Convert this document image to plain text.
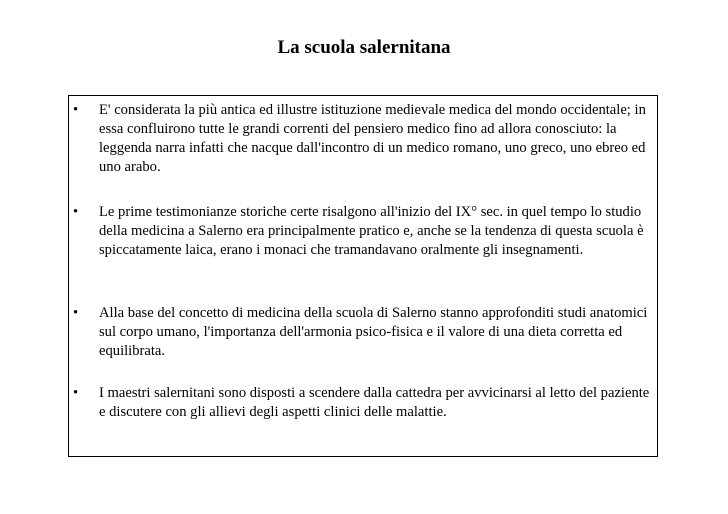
La scuola salernitana
•	E' considerata la più antica ed illustre istituzione medievale medica del mondo occidentale; in essa confluirono tutte le grandi correnti del pensiero medico fino ad allora conosciuto: la leggenda narra infatti che nacque dall'incontro di un medico romano, uno greco, uno ebreo ed uno arabo.
•	Le prime testimonianze storiche certe risalgono all'inizio del IX° sec. in quel tempo lo studio della medicina a Salerno era principalmente pratico e, anche se la tendenza di questa scuola è spiccatamente laica, erano i monaci che tramandavano oralmente gli insegnamenti.
•	Alla base del concetto di medicina della scuola di Salerno stanno approfonditi studi anatomici sul corpo umano, l'importanza dell'armonia psico-fisica e il valore di una dieta corretta ed equilibrata.
•	I maestri salernitani sono disposti a scendere dalla cattedra per avvicinarsi al letto del paziente e discutere con gli allievi degli aspetti clinici delle malattie.
